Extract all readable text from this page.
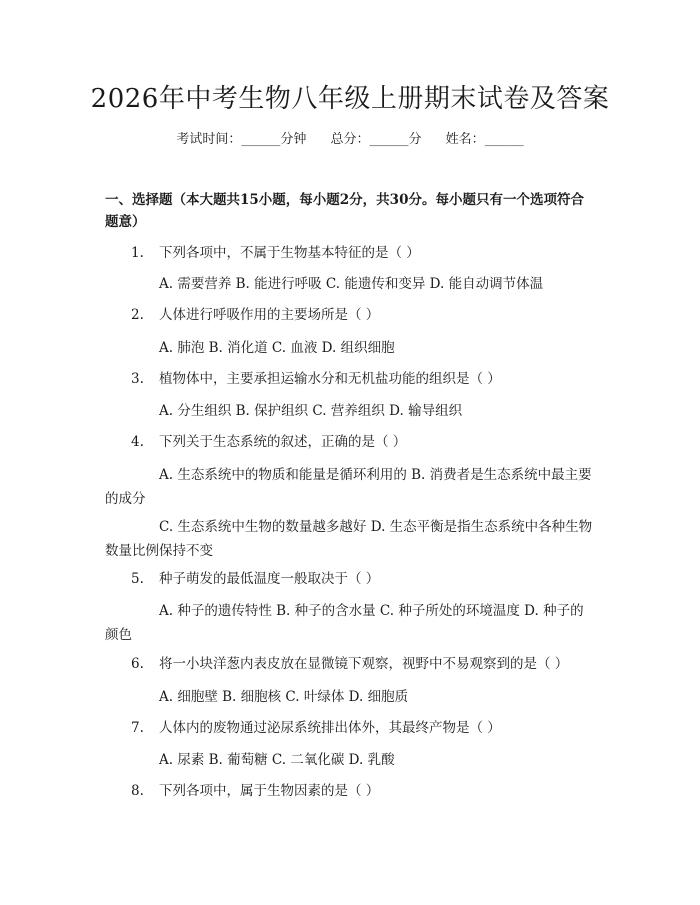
2026年中考生物八年级上册期末试卷及答案
考试时间：______分钟 总分：______分 姓名：______
一、选择题（本大题共15小题，每小题2分，共30分。每小题只有一个选项符合题意）
1. 下列各项中，不属于生物基本特征的是（ ）
A. 需要营养 B. 能进行呼吸 C. 能遗传和变异 D. 能自动调节体温
2. 人体进行呼吸作用的主要场所是（ ）
A. 肺泡 B. 消化道 C. 血液 D. 组织细胞
3. 植物体中，主要承担运输水分和无机盐功能的组织是（ ）
A. 分生组织 B. 保护组织 C. 营养组织 D. 输导组织
4. 下列关于生态系统的叙述，正确的是（ ）
A. 生态系统中的物质和能量是循环利用的 B. 消费者是生态系统中最主要的成分
C. 生态系统中生物的数量越多越好 D. 生态平衡是指生态系统中各种生物数量比例保持不变
5. 种子萌发的最低温度一般取决于（ ）
A. 种子的遗传特性 B. 种子的含水量 C. 种子所处的环境温度 D. 种子的颜色
6. 将一小块洋葱内表皮放在显微镜下观察，视野中不易观察到的是（ ）
A. 细胞壁 B. 细胞核 C. 叶绿体 D. 细胞质
7. 人体内的废物通过泌尿系统排出体外，其最终产物是（ ）
A. 尿素 B. 葡萄糖 C. 二氧化碳 D. 乳酸
8. 下列各项中，属于生物因素的是（ ）
